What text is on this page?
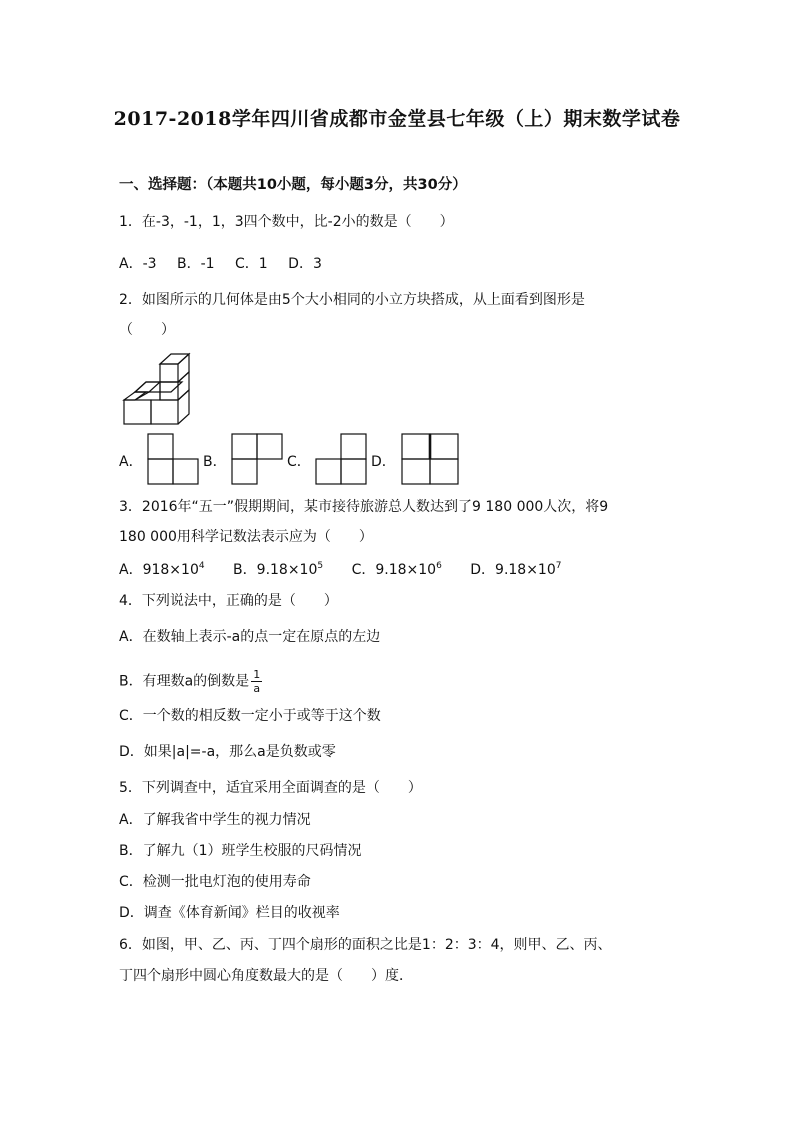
2017-2018学年四川省成都市金堂县七年级（上）期末数学试卷
一、选择题：（本题共10小题，每小题3分，共30分）
1．在-3，-1，1，3四个数中，比-2小的数是（　　）
A．-3 B．-1 C．1 D．3
2．如图所示的几何体是由5个大小相同的小立方块搭成，从上面看到图形是
（　　）
A．	B．	C．	D．
3．2016年“五一”假期期间，某市接待旅游总人数达到了9 180 000人次，将9
180 000用科学记数法表示应为（　　）
A．$918\times 10^4$ B．$9.18\times 10^5$ C．$9.18\times 10^6$ D．$9.18\times 10^7$
4．下列说法中，正确的是（　　）
A．在数轴上表示-a的点一定在原点的左边
B．有理数a的倒数是 $\frac{1}{a}$
C．一个数的相反数一定小于或等于这个数
D．如果|a|=-a，那么a是负数或零
5．下列调查中，适宜采用全面调查的是（　　）
A．了解我省中学生的视力情况
B．了解九（1）班学生校服的尺码情况
C．检测一批电灯泡的使用寿命
D．调查《体育新闻》栏目的收视率
6．如图，甲、乙、丙、丁四个扇形的面积之比是1：2：3：4，则甲、乙、丙、
丁四个扇形中圆心角度数最大的是（　　）度．
